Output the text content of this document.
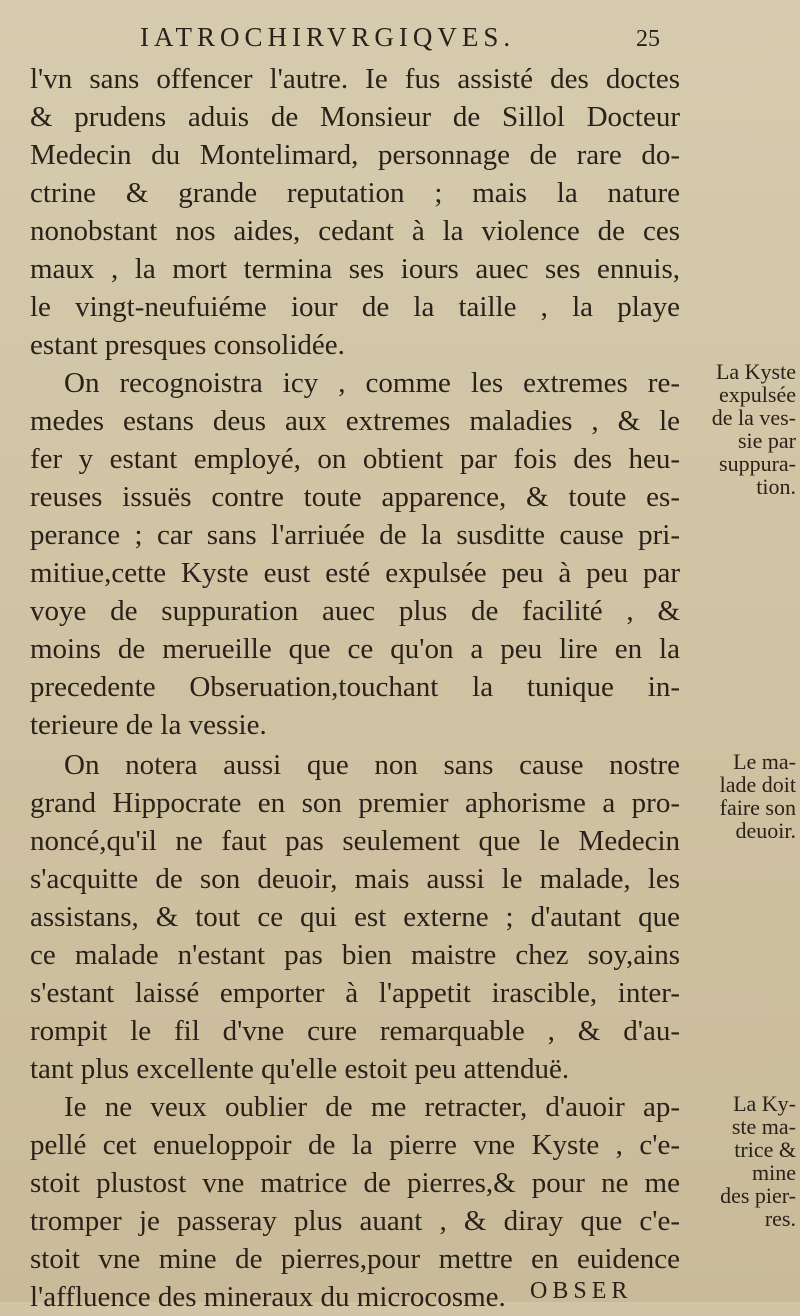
IATROCHIRVRGIQVES.	25
l'vn sans offencer l'autre. Ie fus assisté des doctes
& prudens aduis de Monsieur de Sillol Docteur
Medecin du Montelimard, personnage de rare do-
ctrine & grande reputation ; mais la nature
nonobstant nos aides, cedant à la violence de ces
maux , la mort termina ses iours auec ses ennuis,
le vingt-neufuiéme iour de la taille , la playe
estant presques consolidée.
On recognoistra icy , comme les extremes re-
medes estans deus aux extremes maladies , & le
fer y estant employé, on obtient par fois des heu-
reuses issuës contre toute apparence, & toute es-
perance ; car sans l'arriuée de la susditte cause pri-
mitiue,cette Kyste eust esté expulsée peu à peu par
voye de suppuration auec plus de facilité , &
moins de merueille que ce qu'on a peu lire en la
precedente Obseruation,touchant la tunique in-
terieure de la vessie.
On notera aussi que non sans cause nostre
grand Hippocrate en son premier aphorisme a pro-
noncé,qu'il ne faut pas seulement que le Medecin
s'acquitte de son deuoir, mais aussi le malade, les
assistans, & tout ce qui est externe ; d'autant que
ce malade n'estant pas bien maistre chez soy,ains
s'estant laissé emporter à l'appetit irascible, inter-
rompit le fil d'vne cure remarquable , & d'au-
tant plus excellente qu'elle estoit peu attenduë.
Ie ne veux oublier de me retracter, d'auoir ap-
pellé cet enueloppoir de la pierre vne Kyste , c'e-
stoit plustost vne matrice de pierres,& pour ne me
tromper je passeray plus auant , & diray que c'e-
stoit vne mine de pierres,pour mettre en euidence
l'affluence des mineraux du microcosme.
La Kyste
expulsée
de la ves-
sie par
suppura-
tion.
Le ma-
lade doit
faire son
deuoir.
La Ky-
ste ma-
trice &
mine
des pier-
res.
OBSER
